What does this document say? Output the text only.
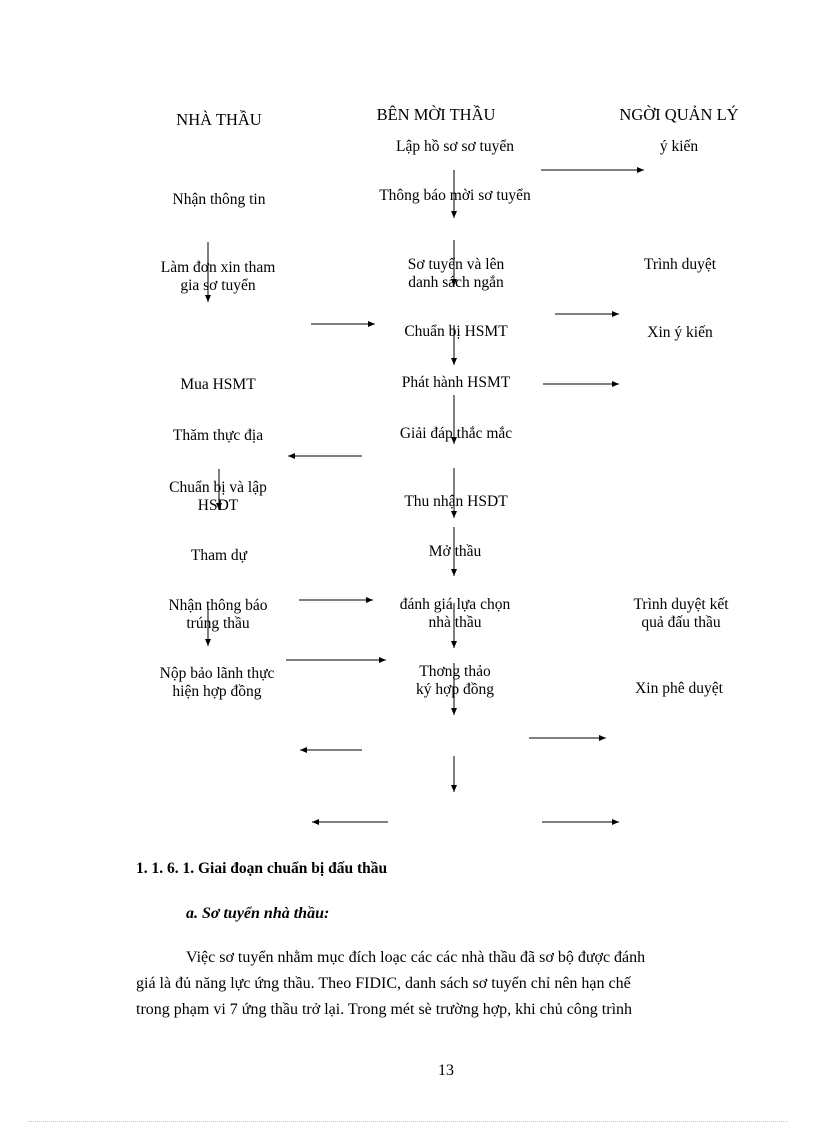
NHÀ THẦU	BÊN MỜI THẦU	NGỜI QUẢN LÝ
Lập hồ sơ sơ tuyển
Thông báo mời sơ tuyển
Sơ tuyển và lên
danh sách ngắn
Chuẩn bị HSMT
Phát hành HSMT
Giải đáp thắc mắc
Thu nhận HSDT
Mở thầu
đánh giá lựa chọn
nhà thầu
Thơng thảo
ký hợp đồng
Nhận thông tin
Làm đơn xin tham
gia sơ tuyển
Mua HSMT
Thăm thực địa
Chuẩn bị và lập
HSDT
Tham dự
Nhận thông báo
trúng thầu
Nộp bảo lãnh thực
hiện hợp đồng
ý kiến
Trình duyệt
Xin ý kiến
Trình duyệt kết
quả đấu thầu
Xin phê duyệt
1. 1. 6. 1. Giai đoạn chuẩn bị đấu thầu
a. Sơ tuyển nhà thầu:
Việc sơ tuyển nhằm mục đích loạc các các nhà thầu đã sơ bộ được đánh
giá là đủ năng lực ứng thầu. Theo FIDIC, danh sách sơ tuyển chỉ nên hạn chế
trong phạm vi 7 ứng thầu trở lại. Trong mét sè trường hợp, khi chủ công trình
13
